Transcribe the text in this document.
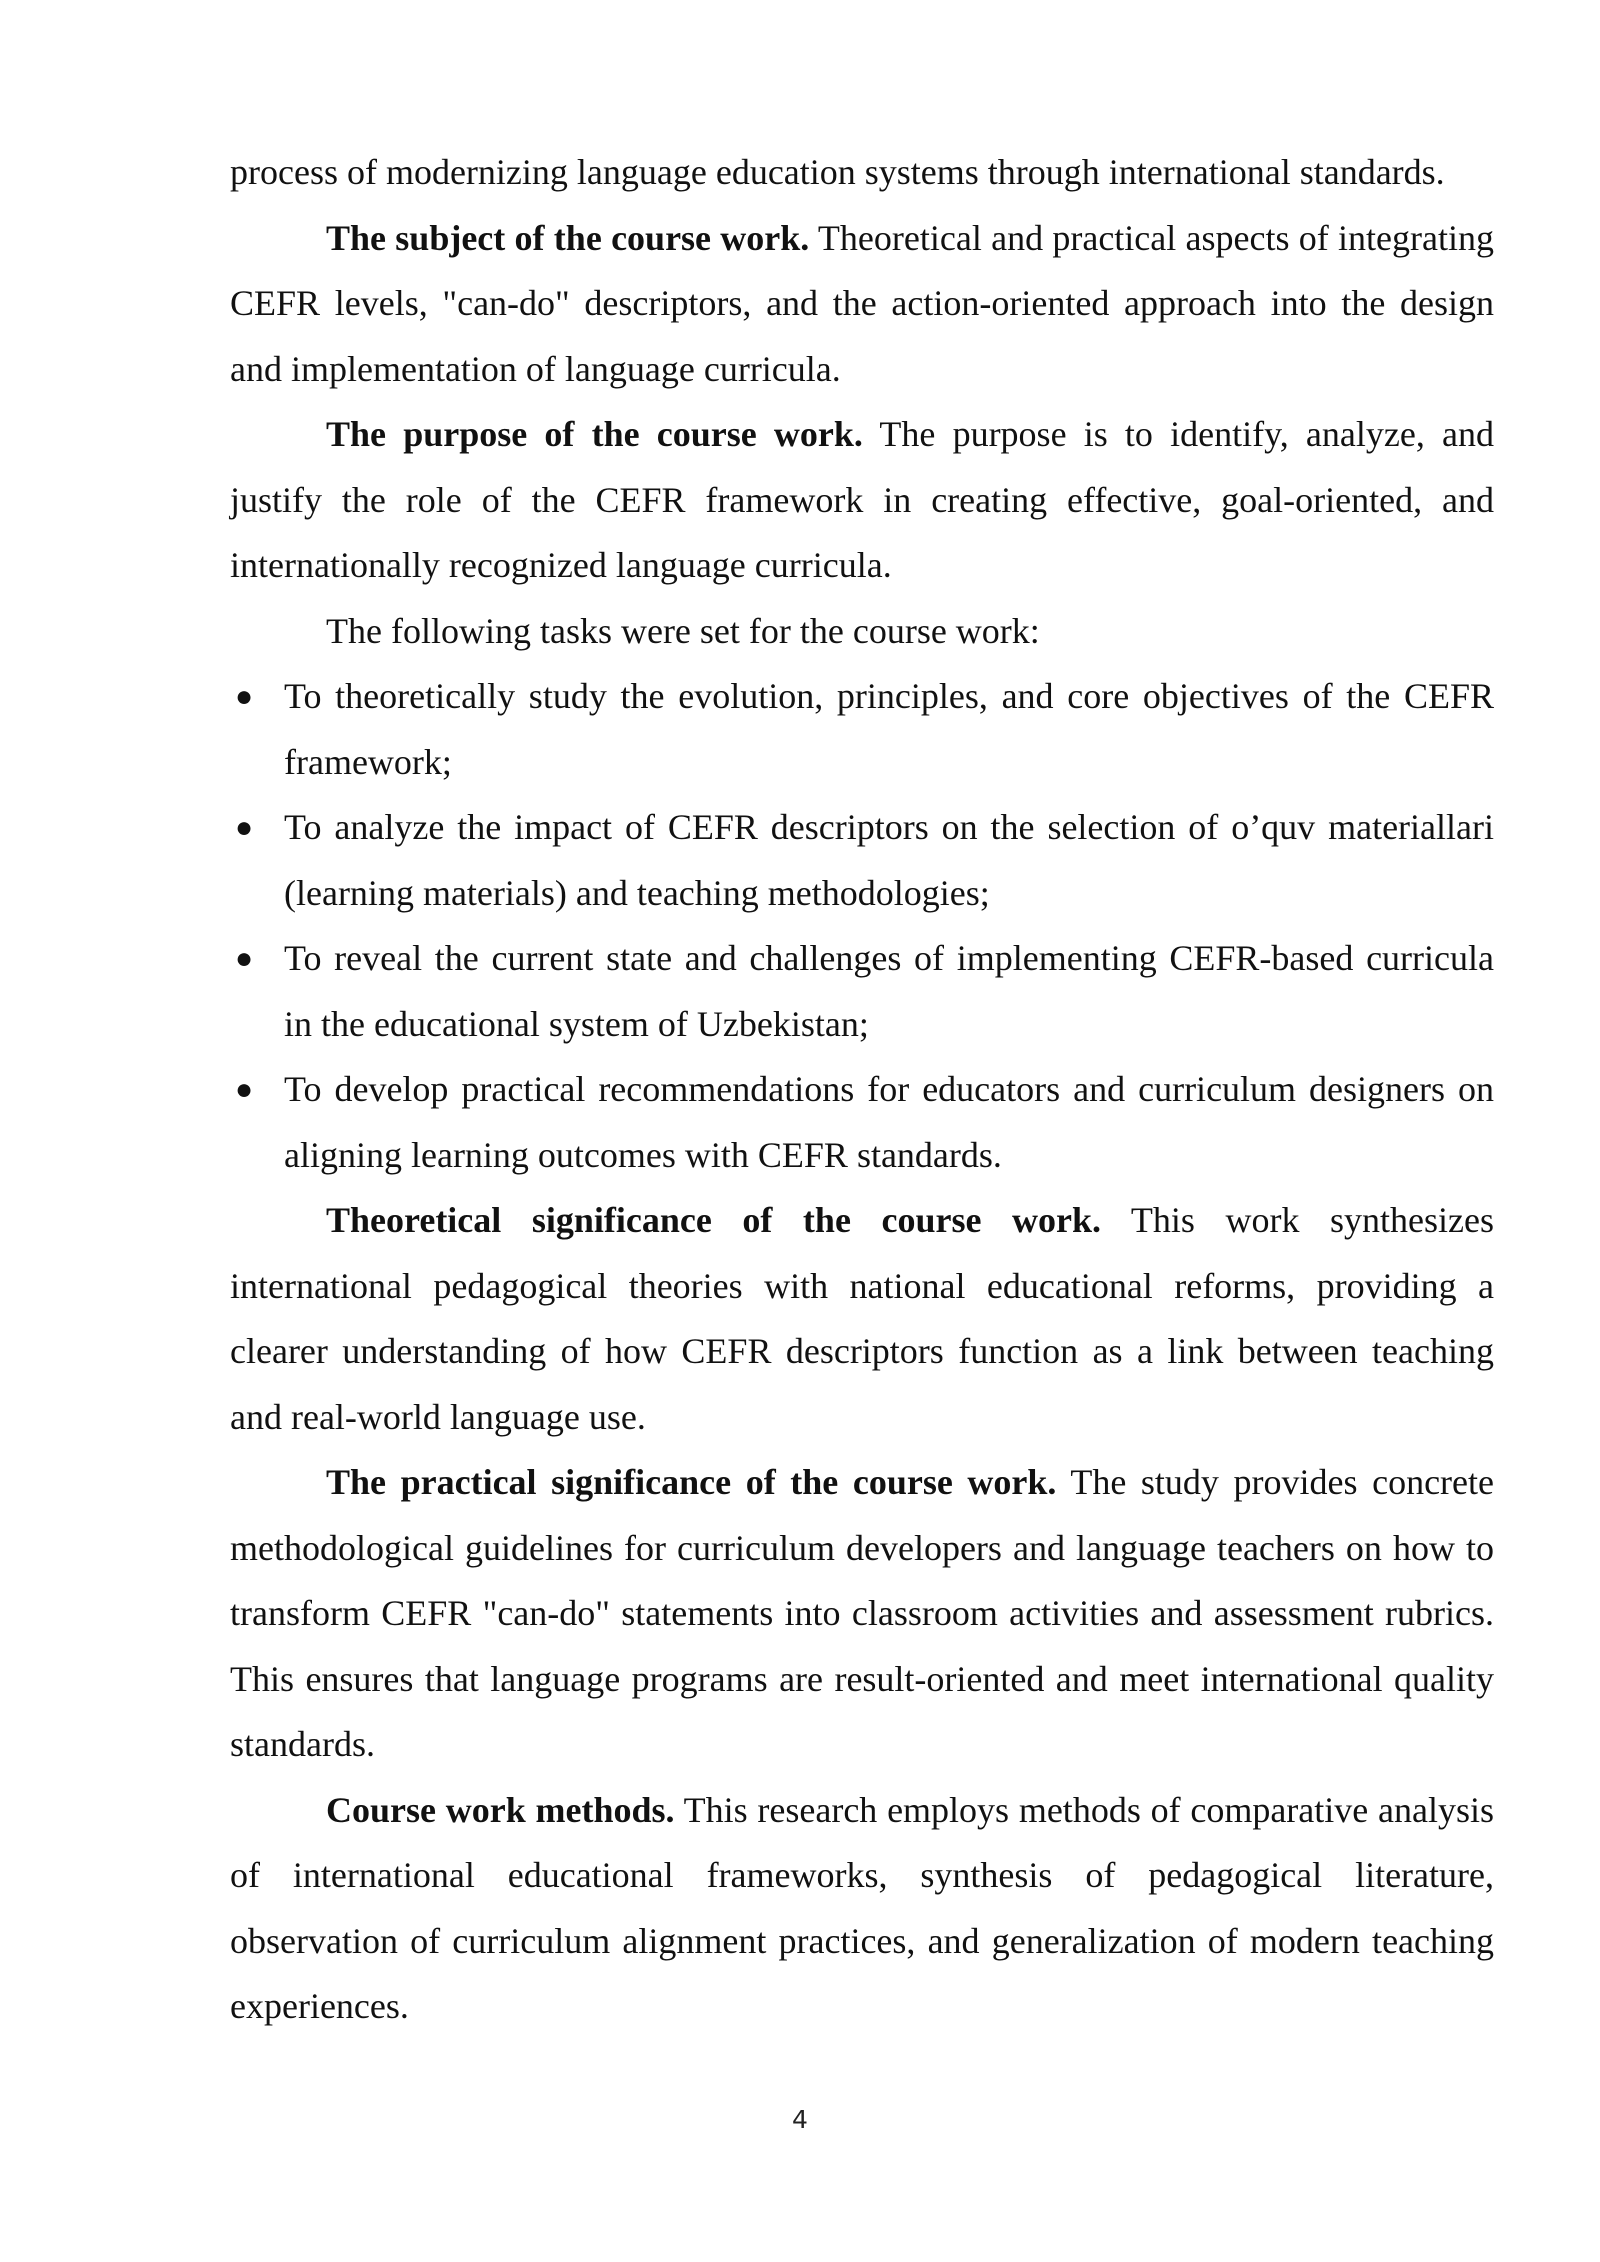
process of modernizing language education systems through international standards.

The subject of the course work. Theoretical and practical aspects of integrating CEFR levels, "can-do" descriptors, and the action-oriented approach into the design and implementation of language curricula.

The purpose of the course work. The purpose is to identify, analyze, and justify the role of the CEFR framework in creating effective, goal-oriented, and internationally recognized language curricula.

The following tasks were set for the course work:

● To theoretically study the evolution, principles, and core objectives of the CEFR framework;

● To analyze the impact of CEFR descriptors on the selection of o’quv materiallari (learning materials) and teaching methodologies;

● To reveal the current state and challenges of implementing CEFR-based curricula in the educational system of Uzbekistan;

● To develop practical recommendations for educators and curriculum designers on aligning learning outcomes with CEFR standards.

Theoretical significance of the course work. This work synthesizes international pedagogical theories with national educational reforms, providing a clearer understanding of how CEFR descriptors function as a link between teaching and real-world language use.

The practical significance of the course work. The study provides concrete methodological guidelines for curriculum developers and language teachers on how to transform CEFR "can-do" statements into classroom activities and assessment rubrics. This ensures that language programs are result-oriented and meet international quality standards.

Course work methods. This research employs methods of comparative analysis of international educational frameworks, synthesis of pedagogical literature, observation of curriculum alignment practices, and generalization of modern teaching experiences.

4
